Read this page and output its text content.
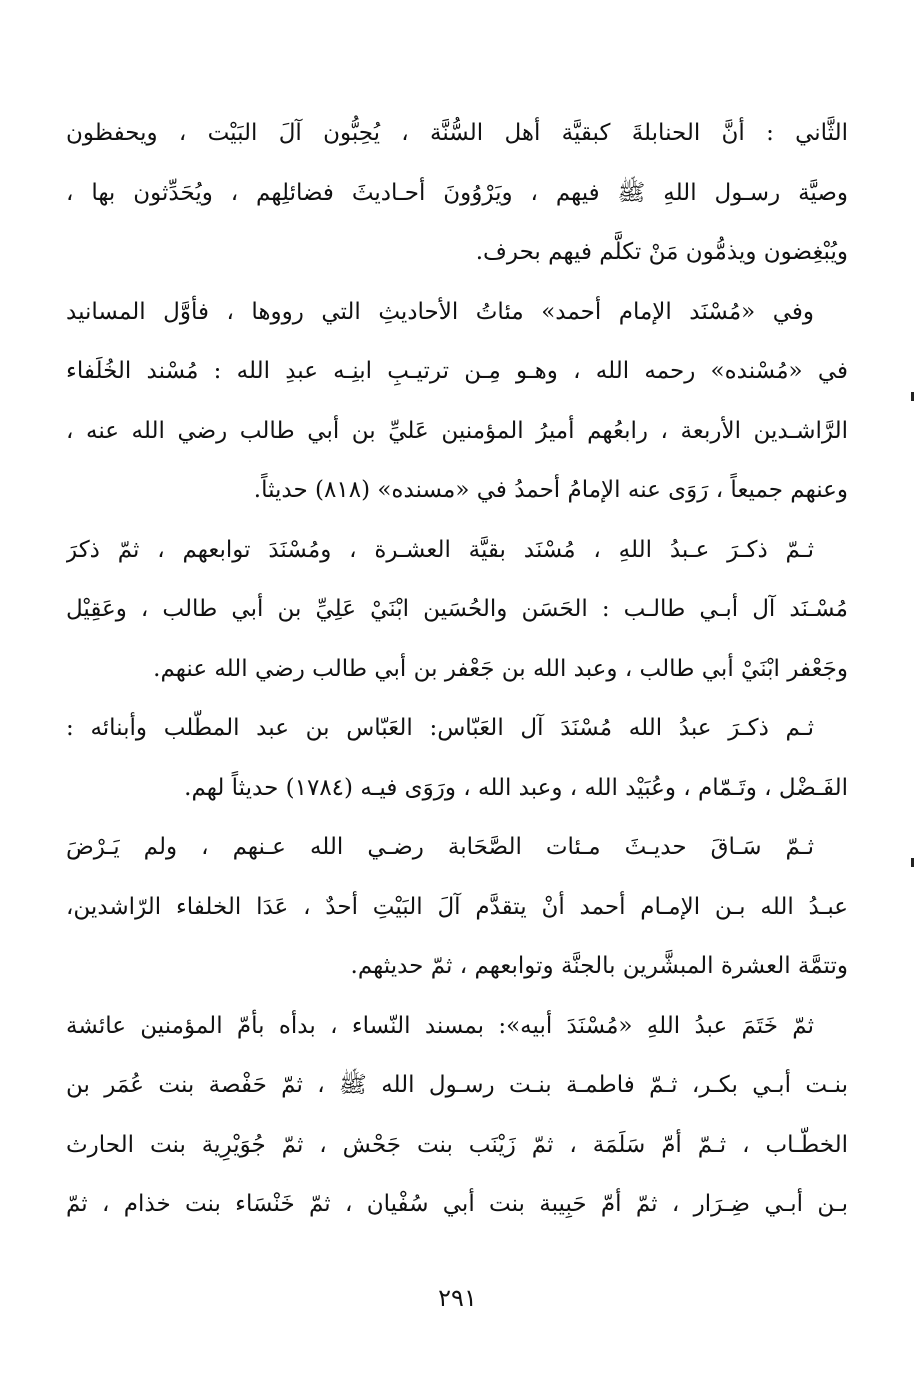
الثَّاني : أنَّ الحنابلةَ كبقيَّة أهل السُّنَّة ، يُحِبُّون آلَ البَيْت ، ويحفظون
وصيَّة رسـول اللهِ ﷺ فيهم ، ويَرْوُونَ أحـاديثَ فضائلِهم ، ويُحَدِّثون بها ،
ويُبْغِضون ويذمُّون مَنْ تكلَّم فيهم بحرف.
وفي «مُسْنَد الإمام أحمد» مئاتُ الأحاديثِ التي رووها ، فأوَّل المسانيد
في «مُسْنده» رحمه الله ، وهـو مِـن ترتيـبِ ابنِـه عبدِ الله : مُسْند الخُلَفاء
الرَّاشـدين الأربعة ، رابعُهم أميرُ المؤمنين عَليِّ بن أبي طالب رضي الله عنه ،
وعنهم جميعاً ، رَوَى عنه الإمامُ أحمدُ في «مسنده» (٨١٨) حديثاً.
ثـمّ ذكـرَ عـبدُ اللهِ ، مُسْنَد بقيَّة العشـرة ، ومُسْنَدَ توابعهم ، ثمّ ذكرَ
مُسْـنَد آل أبـي طالـب : الحَسَن والحُسَين ابْنَيْ عَلِيِّ بن أبي طالب ، وعَقِيْل
وجَعْفر ابْنَيْ أبي طالب ، وعبد الله بن جَعْفر بن أبي طالب رضي الله عنهم.
ثـم ذكـرَ عبدُ الله مُسْنَدَ آل العَبّاس: العَبّاس بن عبد المطّلب وأبنائه :
الفَـضْل ، وتَـمّام ، وعُبَيْد الله ، وعبد الله ، ورَوَى فيـه (١٧٨٤) حديثاً لهم.
ثـمّ سَـاقَ حديـثَ مـئات الصَّحَابة رضـي الله عـنهم ، ولم يَـرْضَ
عبـدُ الله بـن الإمـام أحمد أنْ يتقدَّم آلَ البَيْتِ أحدٌ ، عَدَا الخلفاء الرّاشدين،
وتتمَّة العشرة المبشَّرين بالجنَّة وتوابعهم ، ثمّ حديثهم.
ثمّ خَتَمَ عبدُ اللهِ «مُسْنَدَ أبيه»: بمسند النّساء ، بدأه بأمّ المؤمنين عائشة
بنـت أبـي بكـر، ثـمّ فاطمـة بنـت رسـول الله ﷺ ، ثمّ حَفْصة بنت عُمَر بن
الخطّـاب ، ثـمّ أمّ سَلَمَة ، ثمّ زَيْنَب بنت جَحْش ، ثمّ جُوَيْرِية بنت الحارث
بـن أبـي ضِـرَار ، ثمّ أمّ حَبِيبة بنت أبي سُفْيان ، ثمّ خَنْسَاء بنت خذام ، ثمّ
٢٩١
